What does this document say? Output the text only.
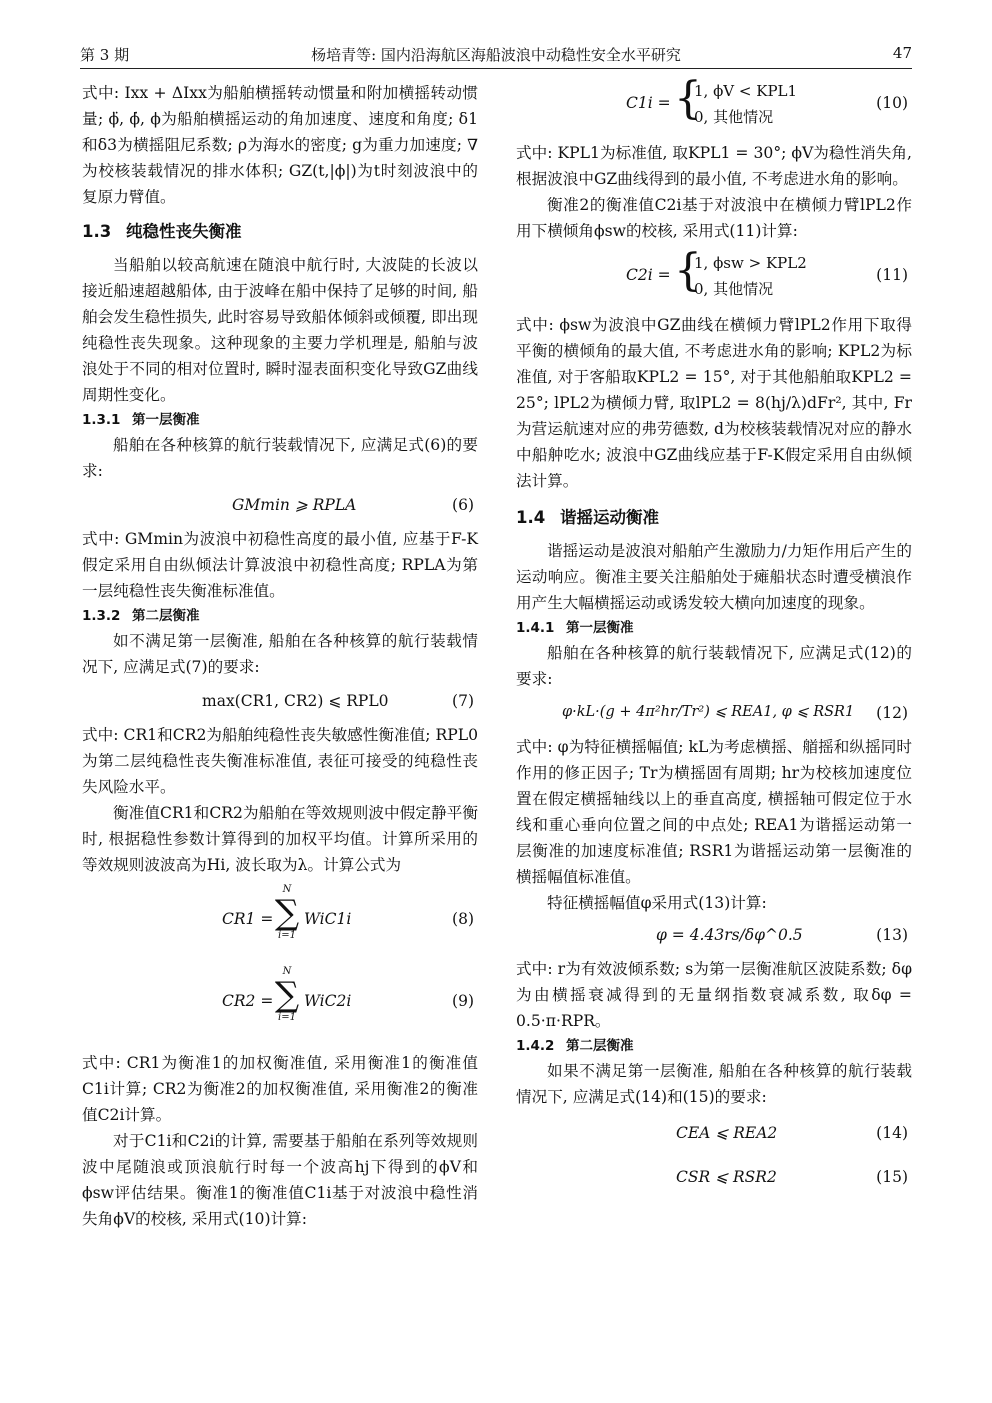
第 3 期	杨培青等: 国内沿海航区海船波浪中动稳性安全水平研究	47

式中: Ixx + ΔIxx为船舶横摇转动惯量和附加横摇转动惯量; ϕ̈, ϕ̇, ϕ为船舶横摇运动的角加速度、速度和角度; δ1和δ3为横摇阻尼系数; ρ为海水的密度; g为重力加速度; ∇为校核装载情况的排水体积; GZ(t,|ϕ|)为t时刻波浪中的复原力臂值。

1.3 纯稳性丧失衡准

当船舶以较高航速在随浪中航行时, 大波陡的长波以接近船速超越船体, 由于波峰在船中保持了足够的时间, 船舶会发生稳性损失, 此时容易导致船体倾斜或倾覆, 即出现纯稳性丧失现象。这种现象的主要力学机理是, 船舶与波浪处于不同的相对位置时, 瞬时湿表面积变化导致GZ曲线周期性变化。

1.3.1 第一层衡准

船舶在各种核算的航行装载情况下, 应满足式(6)的要求:

GMmin ⩾ RPLA	(6)

式中: GMmin为波浪中初稳性高度的最小值, 应基于F-K假定采用自由纵倾法计算波浪中初稳性高度; RPLA为第一层纯稳性丧失衡准标准值。

1.3.2 第二层衡准

如不满足第一层衡准, 船舶在各种核算的航行装载情况下, 应满足式(7)的要求:

max(CR1, CR2) ⩽ RPL0	(7)

式中: CR1和CR2为船舶纯稳性丧失敏感性衡准值; RPL0为第二层纯稳性丧失衡准标准值, 表征可接受的纯稳性丧失风险水平。

衡准值CR1和CR2为船舶在等效规则波中假定静平衡时, 根据稳性参数计算得到的加权平均值。计算所采用的等效规则波波高为Hi, 波长取为λ。计算公式为

CR1 =
N
∑
i=1
WiC1i	(8)
CR2 =
N
∑
i=1
WiC2i	(9)

式中: CR1为衡准1的加权衡准值, 采用衡准1的衡准值C1i计算; CR2为衡准2的加权衡准值, 采用衡准2的衡准值C2i计算。

对于C1i和C2i的计算, 需要基于船舶在系列等效规则波中尾随浪或顶浪航行时每一个波高hj下得到的ϕV和ϕsw评估结果。衡准1的衡准值C1i基于对波浪中稳性消失角ϕV的校核, 采用式(10)计算:

C1i = {
1, ϕV < KPL1
0, 其他情况
(10)

式中: KPL1为标准值, 取KPL1 = 30°; ϕV为稳性消失角, 根据波浪中GZ曲线得到的最小值, 不考虑进水角的影响。

衡准2的衡准值C2i基于对波浪中在横倾力臂lPL2作用下横倾角ϕsw的校核, 采用式(11)计算:

C2i = {
1, ϕsw > KPL2
0, 其他情况
(11)

式中: ϕsw为波浪中GZ曲线在横倾力臂lPL2作用下取得平衡的横倾角的最大值, 不考虑进水角的影响; KPL2为标准值, 对于客船取KPL2 = 15°, 对于其他船舶取KPL2 = 25°; lPL2为横倾力臂, 取lPL2 = 8(hj/λ)dFr², 其中, Fr为营运航速对应的弗劳德数, d为校核装载情况对应的静水中船舯吃水; 波浪中GZ曲线应基于F-K假定采用自由纵倾法计算。

1.4 谐摇运动衡准

谐摇运动是波浪对船舶产生激励力/力矩作用后产生的运动响应。衡准主要关注船舶处于瘫船状态时遭受横浪作用产生大幅横摇运动或诱发较大横向加速度的现象。

1.4.1 第一层衡准

船舶在各种核算的航行装载情况下, 应满足式(12)的要求:

φ·kL·(g + 4π²hr/Tr²) ⩽ REA1, φ ⩽ RSR1 (12)

式中: φ为特征横摇幅值; kL为考虑横摇、艏摇和纵摇同时作用的修正因子; Tr为横摇固有周期; hr为校核加速度位置在假定横摇轴线以上的垂直高度, 横摇轴可假定位于水线和重心垂向位置之间的中点处; REA1为谐摇运动第一层衡准的加速度标准值; RSR1为谐摇运动第一层衡准的横摇幅值标准值。

特征横摇幅值φ采用式(13)计算:

φ = 4.43rs/δφ^0.5	(13)

式中: r为有效波倾系数; s为第一层衡准航区波陡系数; δφ为由横摇衰减得到的无量纲指数衰减系数, 取δφ = 0.5·π·RPR。

1.4.2 第二层衡准

如果不满足第一层衡准, 船舶在各种核算的航行装载情况下, 应满足式(14)和(15)的要求:

CEA ⩽ REA2	(14)
CSR ⩽ RSR2	(15)
